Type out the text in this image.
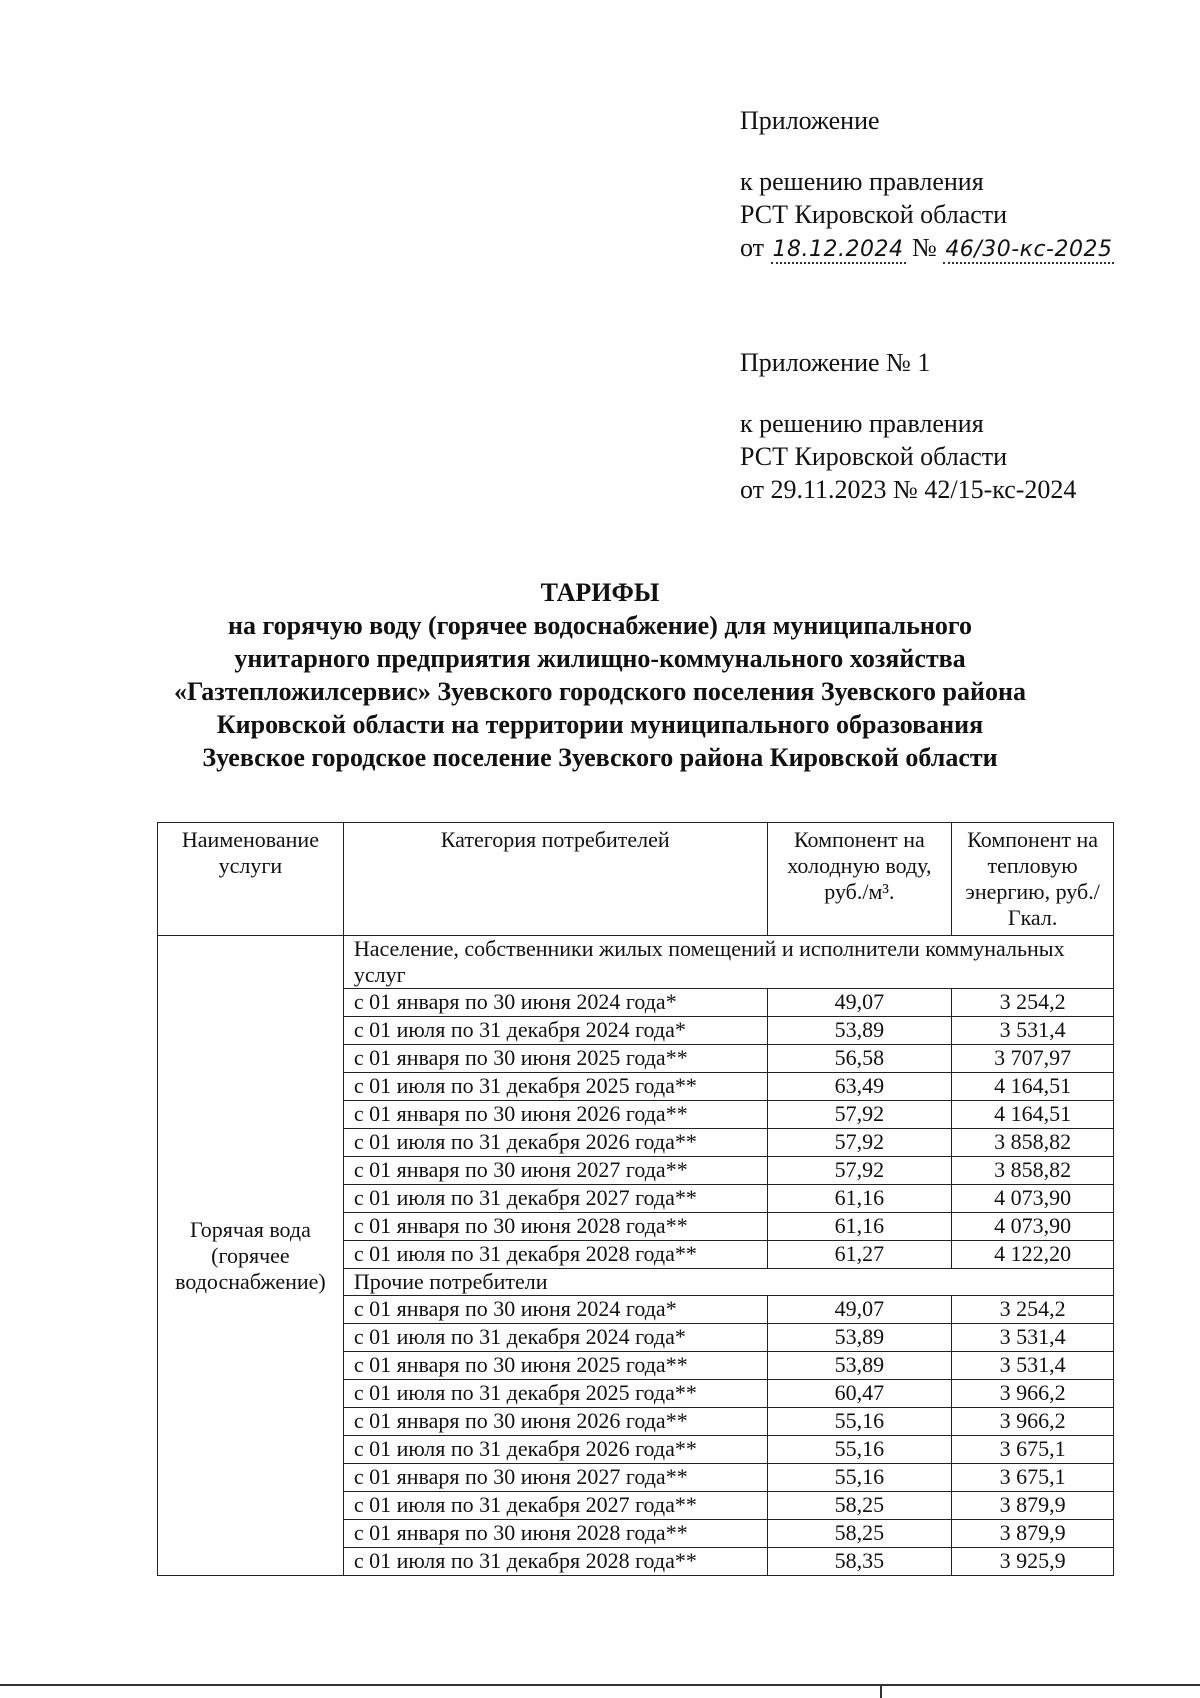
Приложение
к решению правления
РСТ Кировской области
от 18.12.2024 № 46/30-кс-2025
Приложение № 1
к решению правления
РСТ Кировской области
от 29.11.2023 № 42/15-кс-2024
ТАРИФЫ
на горячую воду (горячее водоснабжение) для муниципального
унитарного предприятия жилищно-коммунального хозяйства
«Газтепложилсервис» Зуевского городского поселения Зуевского района
Кировской области на территории муниципального образования
Зуевское городское поселение Зуевского района Кировской области
Наименование услуги	Категория потребителей	Компонент на холодную воду, руб./м³.	Компонент на тепловую энергию, руб./Гкал.
Горячая вода (горячее водоснабжение)	Население, собственники жилых помещений и исполнители коммунальных услуг		
	с 01 января по 30 июня 2024 года*	49,07	3 254,2
	с 01 июля по 31 декабря 2024 года*	53,89	3 531,4
	с 01 января по 30 июня 2025 года**	56,58	3 707,97
	с 01 июля по 31 декабря 2025 года**	63,49	4 164,51
	с 01 января по 30 июня 2026 года**	57,92	4 164,51
	с 01 июля по 31 декабря 2026 года**	57,92	3 858,82
	с 01 января по 30 июня 2027 года**	57,92	3 858,82
	с 01 июля по 31 декабря 2027 года**	61,16	4 073,90
	с 01 января по 30 июня 2028 года**	61,16	4 073,90
	с 01 июля по 31 декабря 2028 года**	61,27	4 122,20
	Прочие потребители		
	с 01 января по 30 июня 2024 года*	49,07	3 254,2
	с 01 июля по 31 декабря 2024 года*	53,89	3 531,4
	с 01 января по 30 июня 2025 года**	53,89	3 531,4
	с 01 июля по 31 декабря 2025 года**	60,47	3 966,2
	с 01 января по 30 июня 2026 года**	55,16	3 966,2
	с 01 июля по 31 декабря 2026 года**	55,16	3 675,1
	с 01 января по 30 июня 2027 года**	55,16	3 675,1
	с 01 июля по 31 декабря 2027 года**	58,25	3 879,9
	с 01 января по 30 июня 2028 года**	58,25	3 879,9
	с 01 июля по 31 декабря 2028 года**	58,35	3 925,9
